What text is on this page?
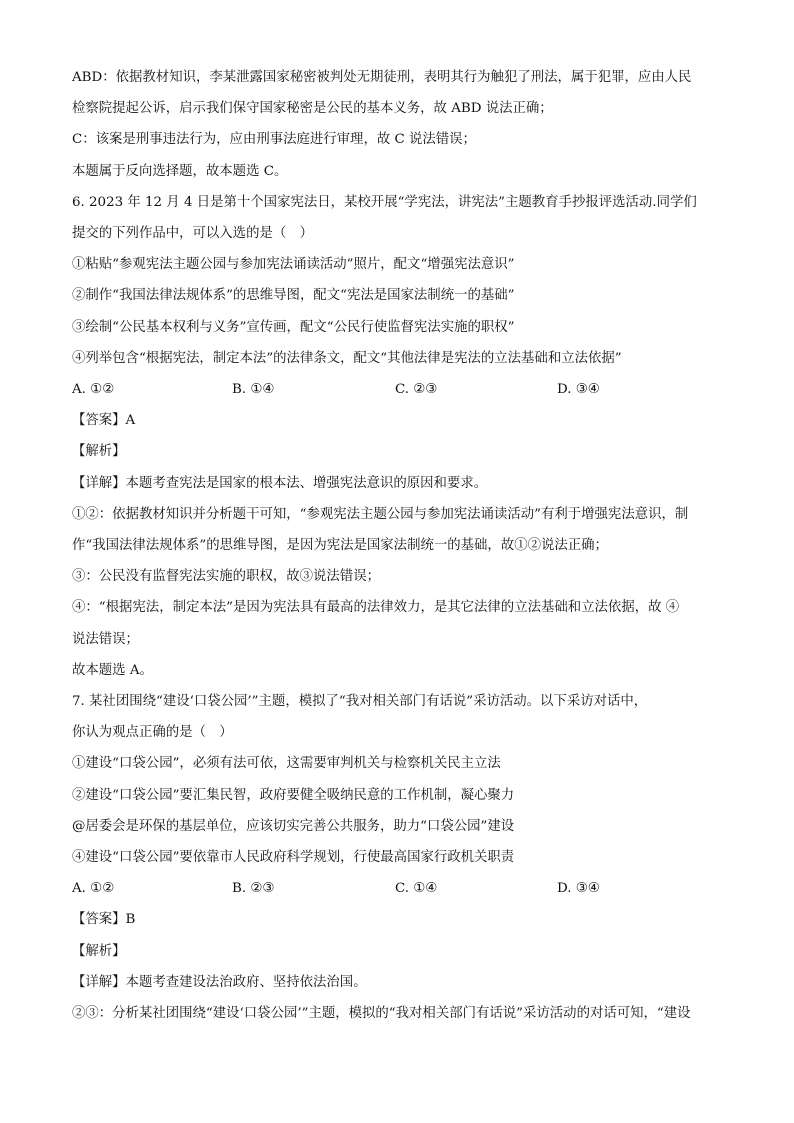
ABD：依据教材知识，李某泄露国家秘密被判处无期徒刑，表明其行为触犯了刑法，属于犯罪，应由人民

检察院提起公诉，启示我们保守国家秘密是公民的基本义务，故 ABD 说法正确；

C：该案是刑事违法行为，应由刑事法庭进行审理，故 C 说法错误；

本题属于反向选择题，故本题选 C。

6. 2023 年 12 月 4 日是第十个国家宪法日，某校开展“学宪法，讲宪法”主题教育手抄报评选活动.同学们

提交的下列作品中，可以入选的是（　）

①粘贴“参观宪法主题公园与参加宪法诵读活动”照片，配文“增强宪法意识”

②制作“我国法律法规体系”的思维导图，配文“宪法是国家法制统一的基础”

③绘制“公民基本权利与义务”宣传画，配文“公民行使监督宪法实施的职权”

④列举包含“根据宪法，制定本法”的法律条文，配文“其他法律是宪法的立法基础和立法依据”

A. ①②	B. ①④	C. ②③	D. ③④

【答案】A

【解析】

【详解】本题考查宪法是国家的根本法、增强宪法意识的原因和要求。

①②：依据教材知识并分析题干可知，“参观宪法主题公园与参加宪法诵读活动”有利于增强宪法意识，制

作“我国法律法规体系”的思维导图，是因为宪法是国家法制统一的基础，故①②说法正确；

③：公民没有监督宪法实施的职权，故③说法错误；

④：“根据宪法，制定本法”是因为宪法具有最高的法律效力，是其它法律的立法基础和立法依据，故 ④

说法错误；

故本题选 A。

7. 某社团围绕“建设‘口袋公园’”主题，模拟了“我对相关部门有话说”采访活动。以下采访对话中，

你认为观点正确的是（　）

①建设“口袋公园”，必须有法可依，这需要审判机关与检察机关民主立法

②建设“口袋公园”要汇集民智，政府要健全吸纳民意的工作机制，凝心聚力

@居委会是环保的基层单位，应该切实完善公共服务，助力“口袋公园”建设

④建设“口袋公园”要依靠市人民政府科学规划，行使最高国家行政机关职责

A. ①②	B. ②③	C. ①④	D. ③④

【答案】B

【解析】

【详解】本题考查建设法治政府、坚持依法治国。

②③：分析某社团围绕“建设‘口袋公园’”主题，模拟的“我对相关部门有话说”采访活动的对话可知，“建设
